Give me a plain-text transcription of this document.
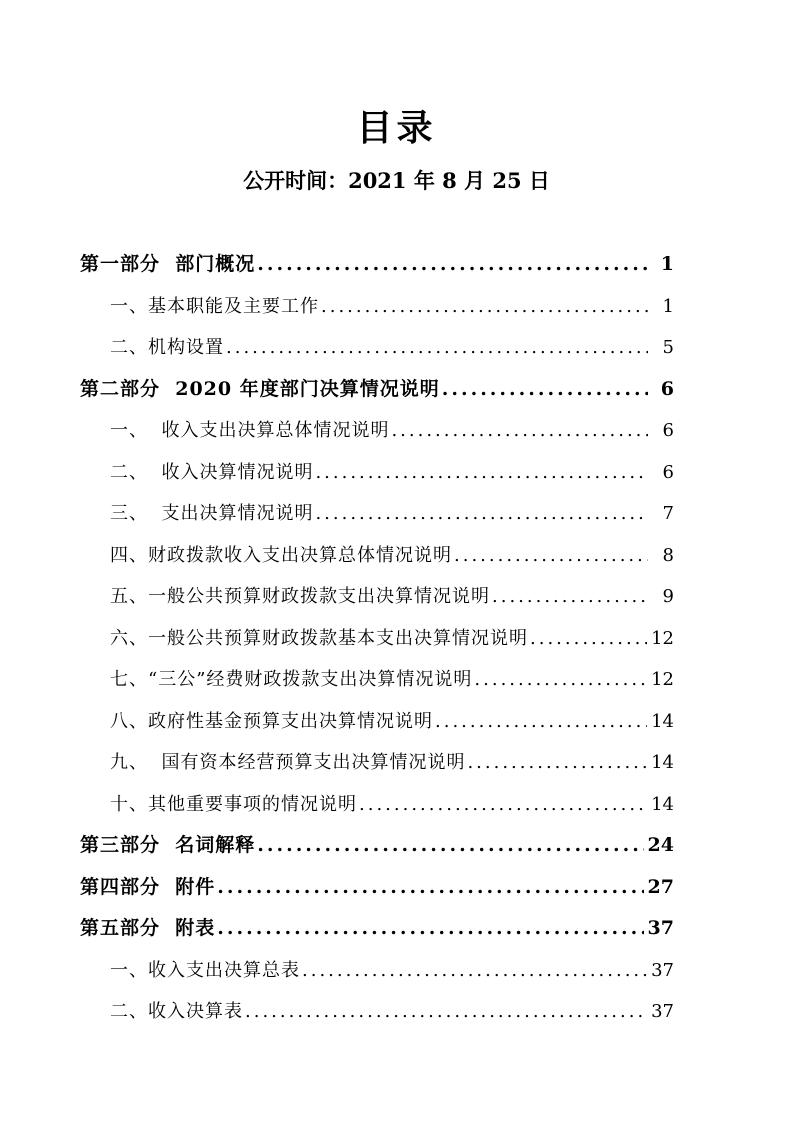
目录
公开时间：2021 年 8 月 25 日
第一部分  部门概况 .....	1
一、基本职能及主要工作 .....	1
二、机构设置 .....	5
第二部分  2020 年度部门决算情况说明 .....	6
一、  收入支出决算总体情况说明 .....	6
二、  收入决算情况说明 .....	6
三、  支出决算情况说明 .....	7
四、财政拨款收入支出决算总体情况说明 .....	8
五、一般公共预算财政拨款支出决算情况说明 .....	9
六、一般公共预算财政拨款基本支出决算情况说明 .....	12
七、“三公”经费财政拨款支出决算情况说明 .....	12
八、政府性基金预算支出决算情况说明 .....	14
九、  国有资本经营预算支出决算情况说明 .....	14
十、其他重要事项的情况说明 .....	14
第三部分  名词解释 .....	24
第四部分  附件 .....	27
第五部分  附表 .....	37
一、收入支出决算总表 .....	37
二、收入决算表 .....	37
